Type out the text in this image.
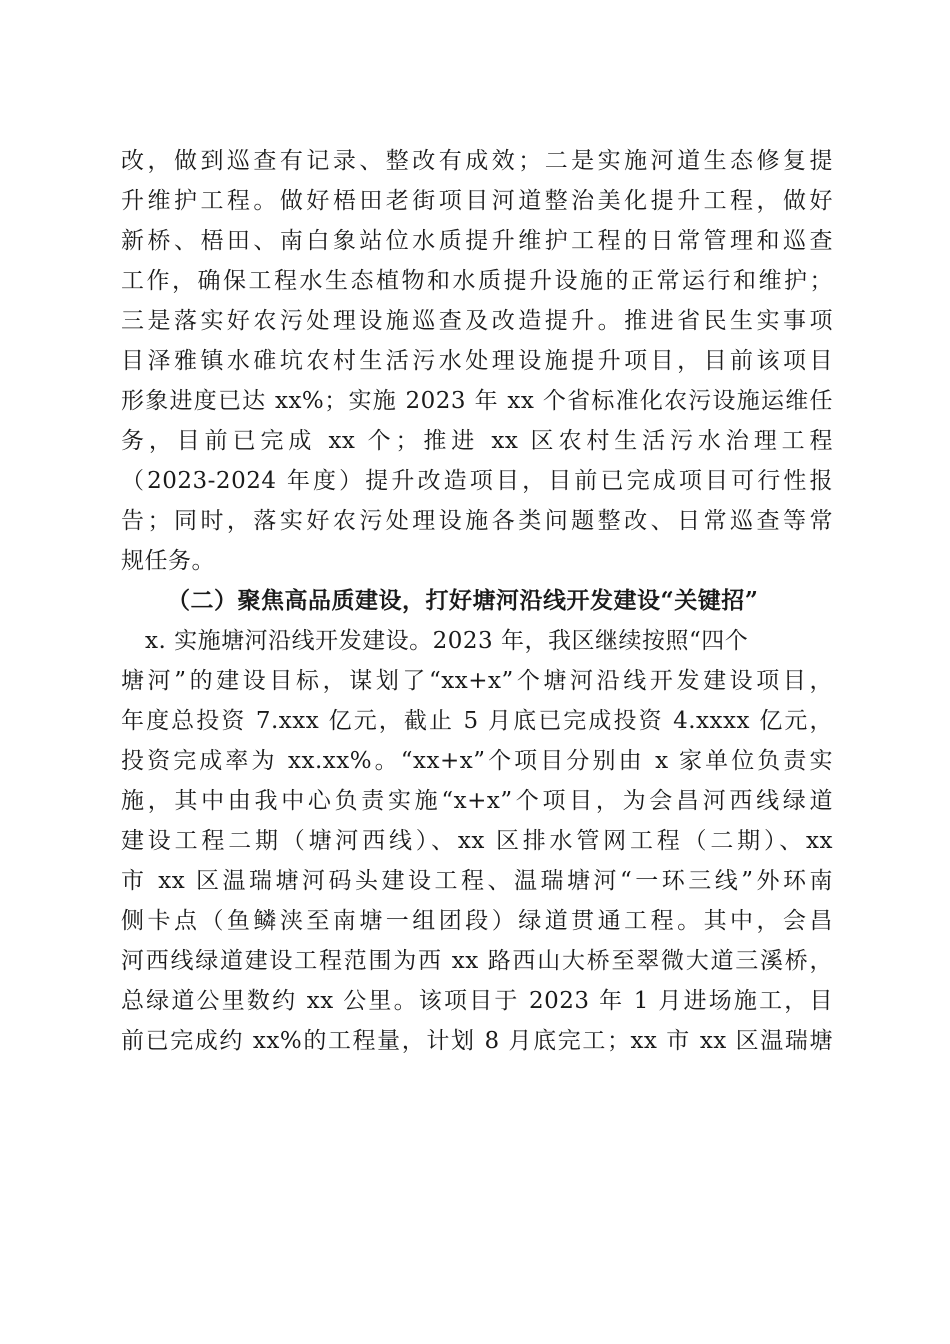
改，做到巡查有记录、整改有成效；二是实施河道生态修复提
升维护工程。做好梧田老街项目河道整治美化提升工程，做好
新桥、梧田、南白象站位水质提升维护工程的日常管理和巡查
工作，确保工程水生态植物和水质提升设施的正常运行和维护；
三是落实好农污处理设施巡查及改造提升。推进省民生实事项
目泽雅镇水碓坑农村生活污水处理设施提升项目，目前该项目
形象进度已达 xx%；实施 2023 年 xx 个省标准化农污设施运维任
务，目前已完成 xx 个；推进 xx 区农村生活污水治理工程
（2023-2024 年度）提升改造项目，目前已完成项目可行性报
告；同时，落实好农污处理设施各类问题整改、日常巡查等常
规任务。
（二）聚焦高品质建设，打好塘河沿线开发建设“关键招”
x. 实施塘河沿线开发建设。2023 年，我区继续按照“四个
塘河”的建设目标，谋划了“xx+x”个塘河沿线开发建设项目，
年度总投资 7.xxx 亿元，截止 5 月底已完成投资 4.xxxx 亿元，
投资完成率为 xx.xx%。“xx+x”个项目分别由 x 家单位负责实
施，其中由我中心负责实施“x+x”个项目，为会昌河西线绿道
建设工程二期（塘河西线）、xx 区排水管网工程（二期）、xx
市 xx 区温瑞塘河码头建设工程、温瑞塘河“一环三线”外环南
侧卡点（鱼鳞浃至南塘一组团段）绿道贯通工程。其中，会昌
河西线绿道建设工程范围为西 xx 路西山大桥至翠微大道三溪桥，
总绿道公里数约 xx 公里。该项目于 2023 年 1 月进场施工，目
前已完成约 xx%的工程量，计划 8 月底完工；xx 市 xx 区温瑞塘
